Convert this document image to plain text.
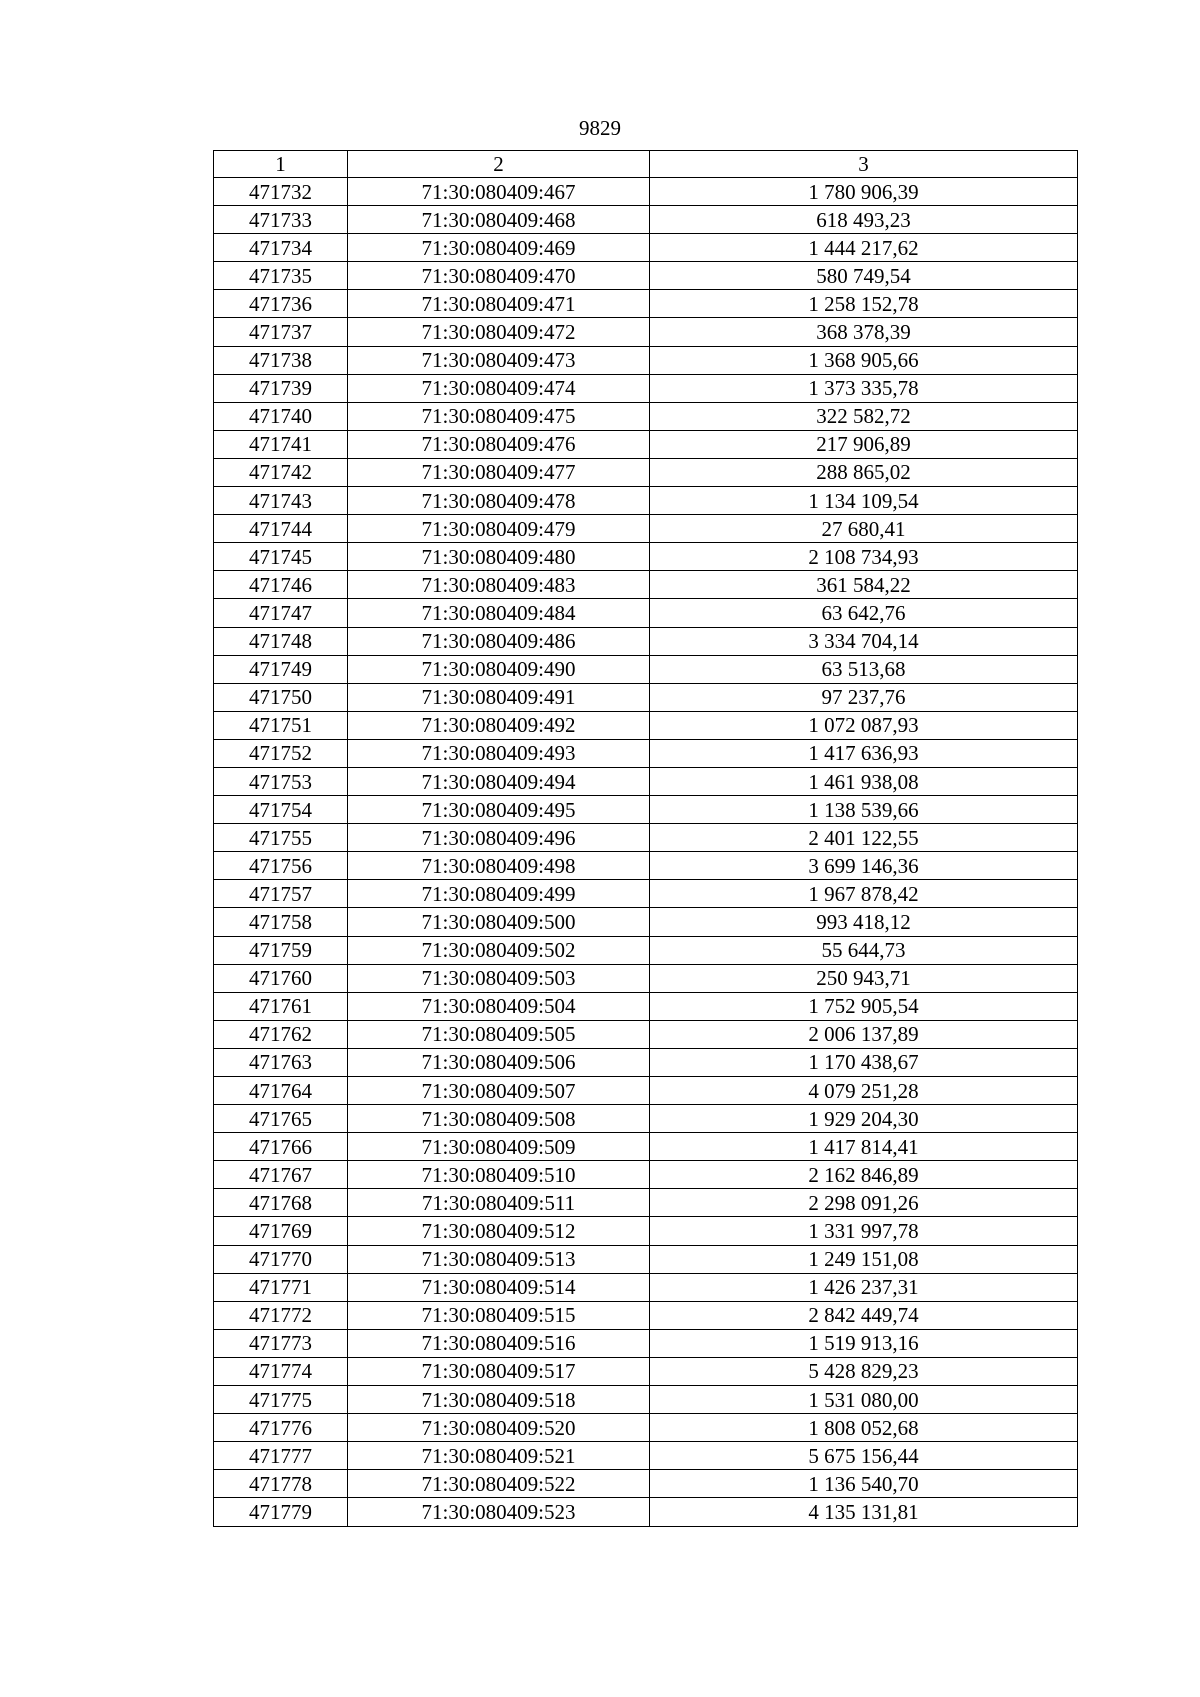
9829
1	2	3
471732	71:30:080409:467	1 780 906,39
471733	71:30:080409:468	618 493,23
471734	71:30:080409:469	1 444 217,62
471735	71:30:080409:470	580 749,54
471736	71:30:080409:471	1 258 152,78
471737	71:30:080409:472	368 378,39
471738	71:30:080409:473	1 368 905,66
471739	71:30:080409:474	1 373 335,78
471740	71:30:080409:475	322 582,72
471741	71:30:080409:476	217 906,89
471742	71:30:080409:477	288 865,02
471743	71:30:080409:478	1 134 109,54
471744	71:30:080409:479	27 680,41
471745	71:30:080409:480	2 108 734,93
471746	71:30:080409:483	361 584,22
471747	71:30:080409:484	63 642,76
471748	71:30:080409:486	3 334 704,14
471749	71:30:080409:490	63 513,68
471750	71:30:080409:491	97 237,76
471751	71:30:080409:492	1 072 087,93
471752	71:30:080409:493	1 417 636,93
471753	71:30:080409:494	1 461 938,08
471754	71:30:080409:495	1 138 539,66
471755	71:30:080409:496	2 401 122,55
471756	71:30:080409:498	3 699 146,36
471757	71:30:080409:499	1 967 878,42
471758	71:30:080409:500	993 418,12
471759	71:30:080409:502	55 644,73
471760	71:30:080409:503	250 943,71
471761	71:30:080409:504	1 752 905,54
471762	71:30:080409:505	2 006 137,89
471763	71:30:080409:506	1 170 438,67
471764	71:30:080409:507	4 079 251,28
471765	71:30:080409:508	1 929 204,30
471766	71:30:080409:509	1 417 814,41
471767	71:30:080409:510	2 162 846,89
471768	71:30:080409:511	2 298 091,26
471769	71:30:080409:512	1 331 997,78
471770	71:30:080409:513	1 249 151,08
471771	71:30:080409:514	1 426 237,31
471772	71:30:080409:515	2 842 449,74
471773	71:30:080409:516	1 519 913,16
471774	71:30:080409:517	5 428 829,23
471775	71:30:080409:518	1 531 080,00
471776	71:30:080409:520	1 808 052,68
471777	71:30:080409:521	5 675 156,44
471778	71:30:080409:522	1 136 540,70
471779	71:30:080409:523	4 135 131,81
